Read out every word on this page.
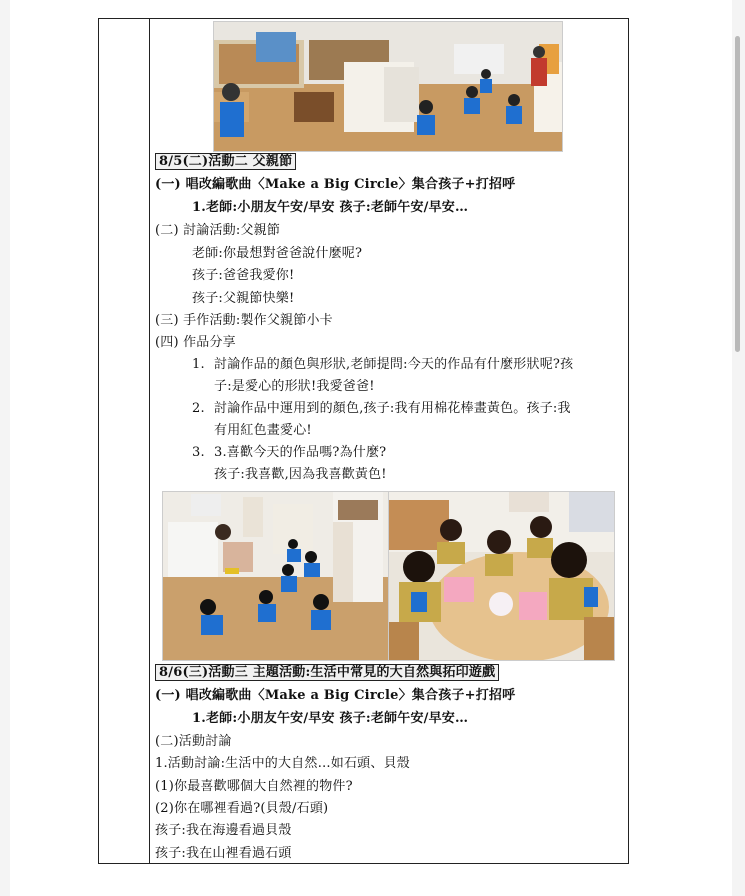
8/5(二)活動二 父親節
(一) 唱改編歌曲〈Make a Big Circle〉集合孩子+打招呼
1.老師:小朋友午安/早安 孩子:老師午安/早安…
(二) 討論活動:父親節
老師:你最想對爸爸說什麼呢?
孩子:爸爸我愛你!
孩子:父親節快樂!
(三) 手作活動:製作父親節小卡
(四) 作品分享
1. 討論作品的顏色與形狀,老師提問:今天的作品有什麼形狀呢?孩
子:是愛心的形狀!我愛爸爸!
2. 討論作品中運用到的顏色,孩子:我有用棉花棒畫黃色。孩子:我
有用紅色畫愛心!
3. 3.喜歡今天的作品嗎?為什麼?
孩子:我喜歡,因為我喜歡黃色!
8/6(三)活動三 主題活動:生活中常見的大自然與拓印遊戲
(一) 唱改編歌曲〈Make a Big Circle〉集合孩子+打招呼
1.老師:小朋友午安/早安 孩子:老師午安/早安…
(二)活動討論
1.活動討論:生活中的大自然…如石頭、貝殼
(1)你最喜歡哪個大自然裡的物件?
(2)你在哪裡看過?(貝殼/石頭)
孩子:我在海邊看過貝殼
孩子:我在山裡看過石頭
